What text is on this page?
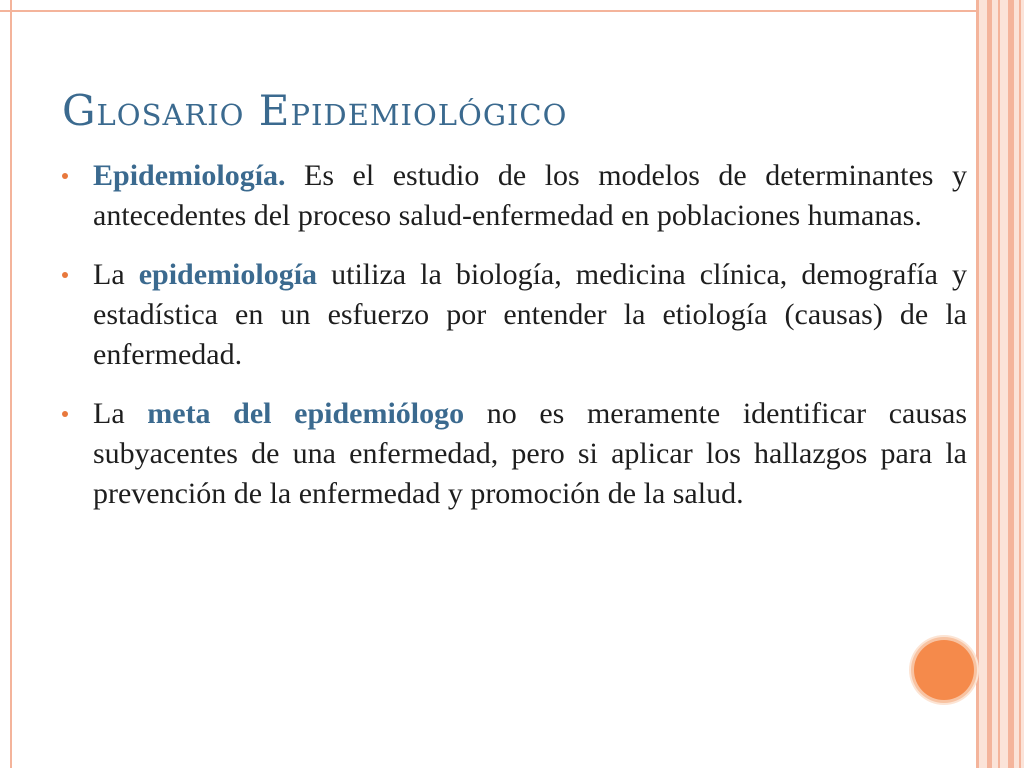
Glosario Epidemiológico

Epidemiología. Es el estudio de los modelos de determinantes y antecedentes del proceso salud-enfermedad en poblaciones humanas.

La epidemiología utiliza la biología, medicina clínica, demografía y estadística en un esfuerzo por entender la etiología (causas) de la enfermedad.

La meta del epidemiólogo no es meramente identificar causas subyacentes de una enfermedad, pero si aplicar los hallazgos para la prevención de la enfermedad y promoción de la salud.
